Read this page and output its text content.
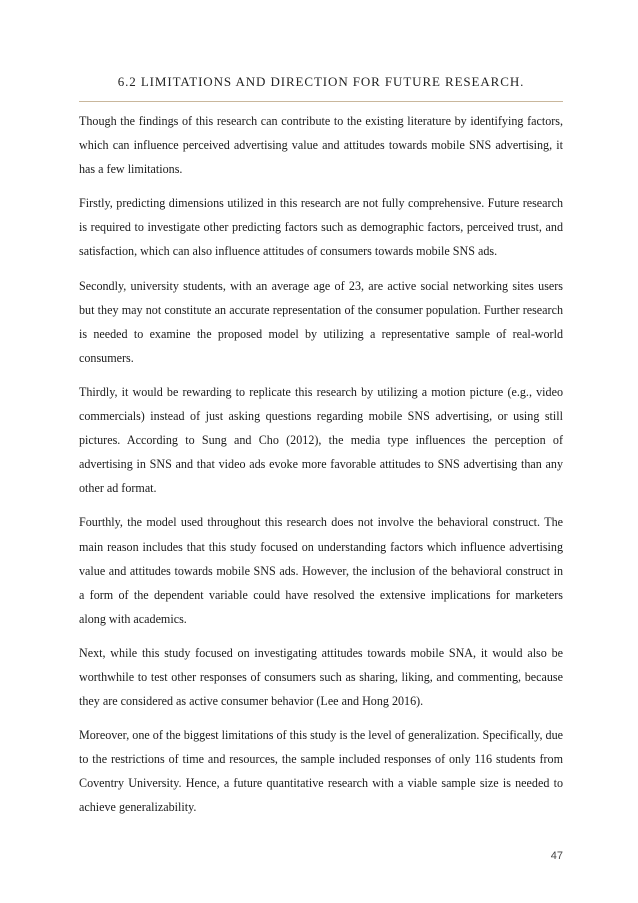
6.2 LIMITATIONS AND DIRECTION FOR FUTURE RESEARCH.

Though the findings of this research can contribute to the existing literature by identifying factors, which can influence perceived advertising value and attitudes towards mobile SNS advertising, it has a few limitations.

Firstly, predicting dimensions utilized in this research are not fully comprehensive. Future research is required to investigate other predicting factors such as demographic factors, perceived trust, and satisfaction, which can also influence attitudes of consumers towards mobile SNS ads.

Secondly, university students, with an average age of 23, are active social networking sites users but they may not constitute an accurate representation of the consumer population. Further research is needed to examine the proposed model by utilizing a representative sample of real-world consumers.

Thirdly, it would be rewarding to replicate this research by utilizing a motion picture (e.g., video commercials) instead of just asking questions regarding mobile SNS advertising, or using still pictures. According to Sung and Cho (2012), the media type influences the perception of advertising in SNS and that video ads evoke more favorable attitudes to SNS advertising than any other ad format.

Fourthly, the model used throughout this research does not involve the behavioral construct. The main reason includes that this study focused on understanding factors which influence advertising value and attitudes towards mobile SNS ads. However, the inclusion of the behavioral construct in a form of the dependent variable could have resolved the extensive implications for marketers along with academics.

Next, while this study focused on investigating attitudes towards mobile SNA, it would also be worthwhile to test other responses of consumers such as sharing, liking, and commenting, because they are considered as active consumer behavior (Lee and Hong 2016).

Moreover, one of the biggest limitations of this study is the level of generalization. Specifically, due to the restrictions of time and resources, the sample included responses of only 116 students from Coventry University. Hence, a future quantitative research with a viable sample size is needed to achieve generalizability.

47
